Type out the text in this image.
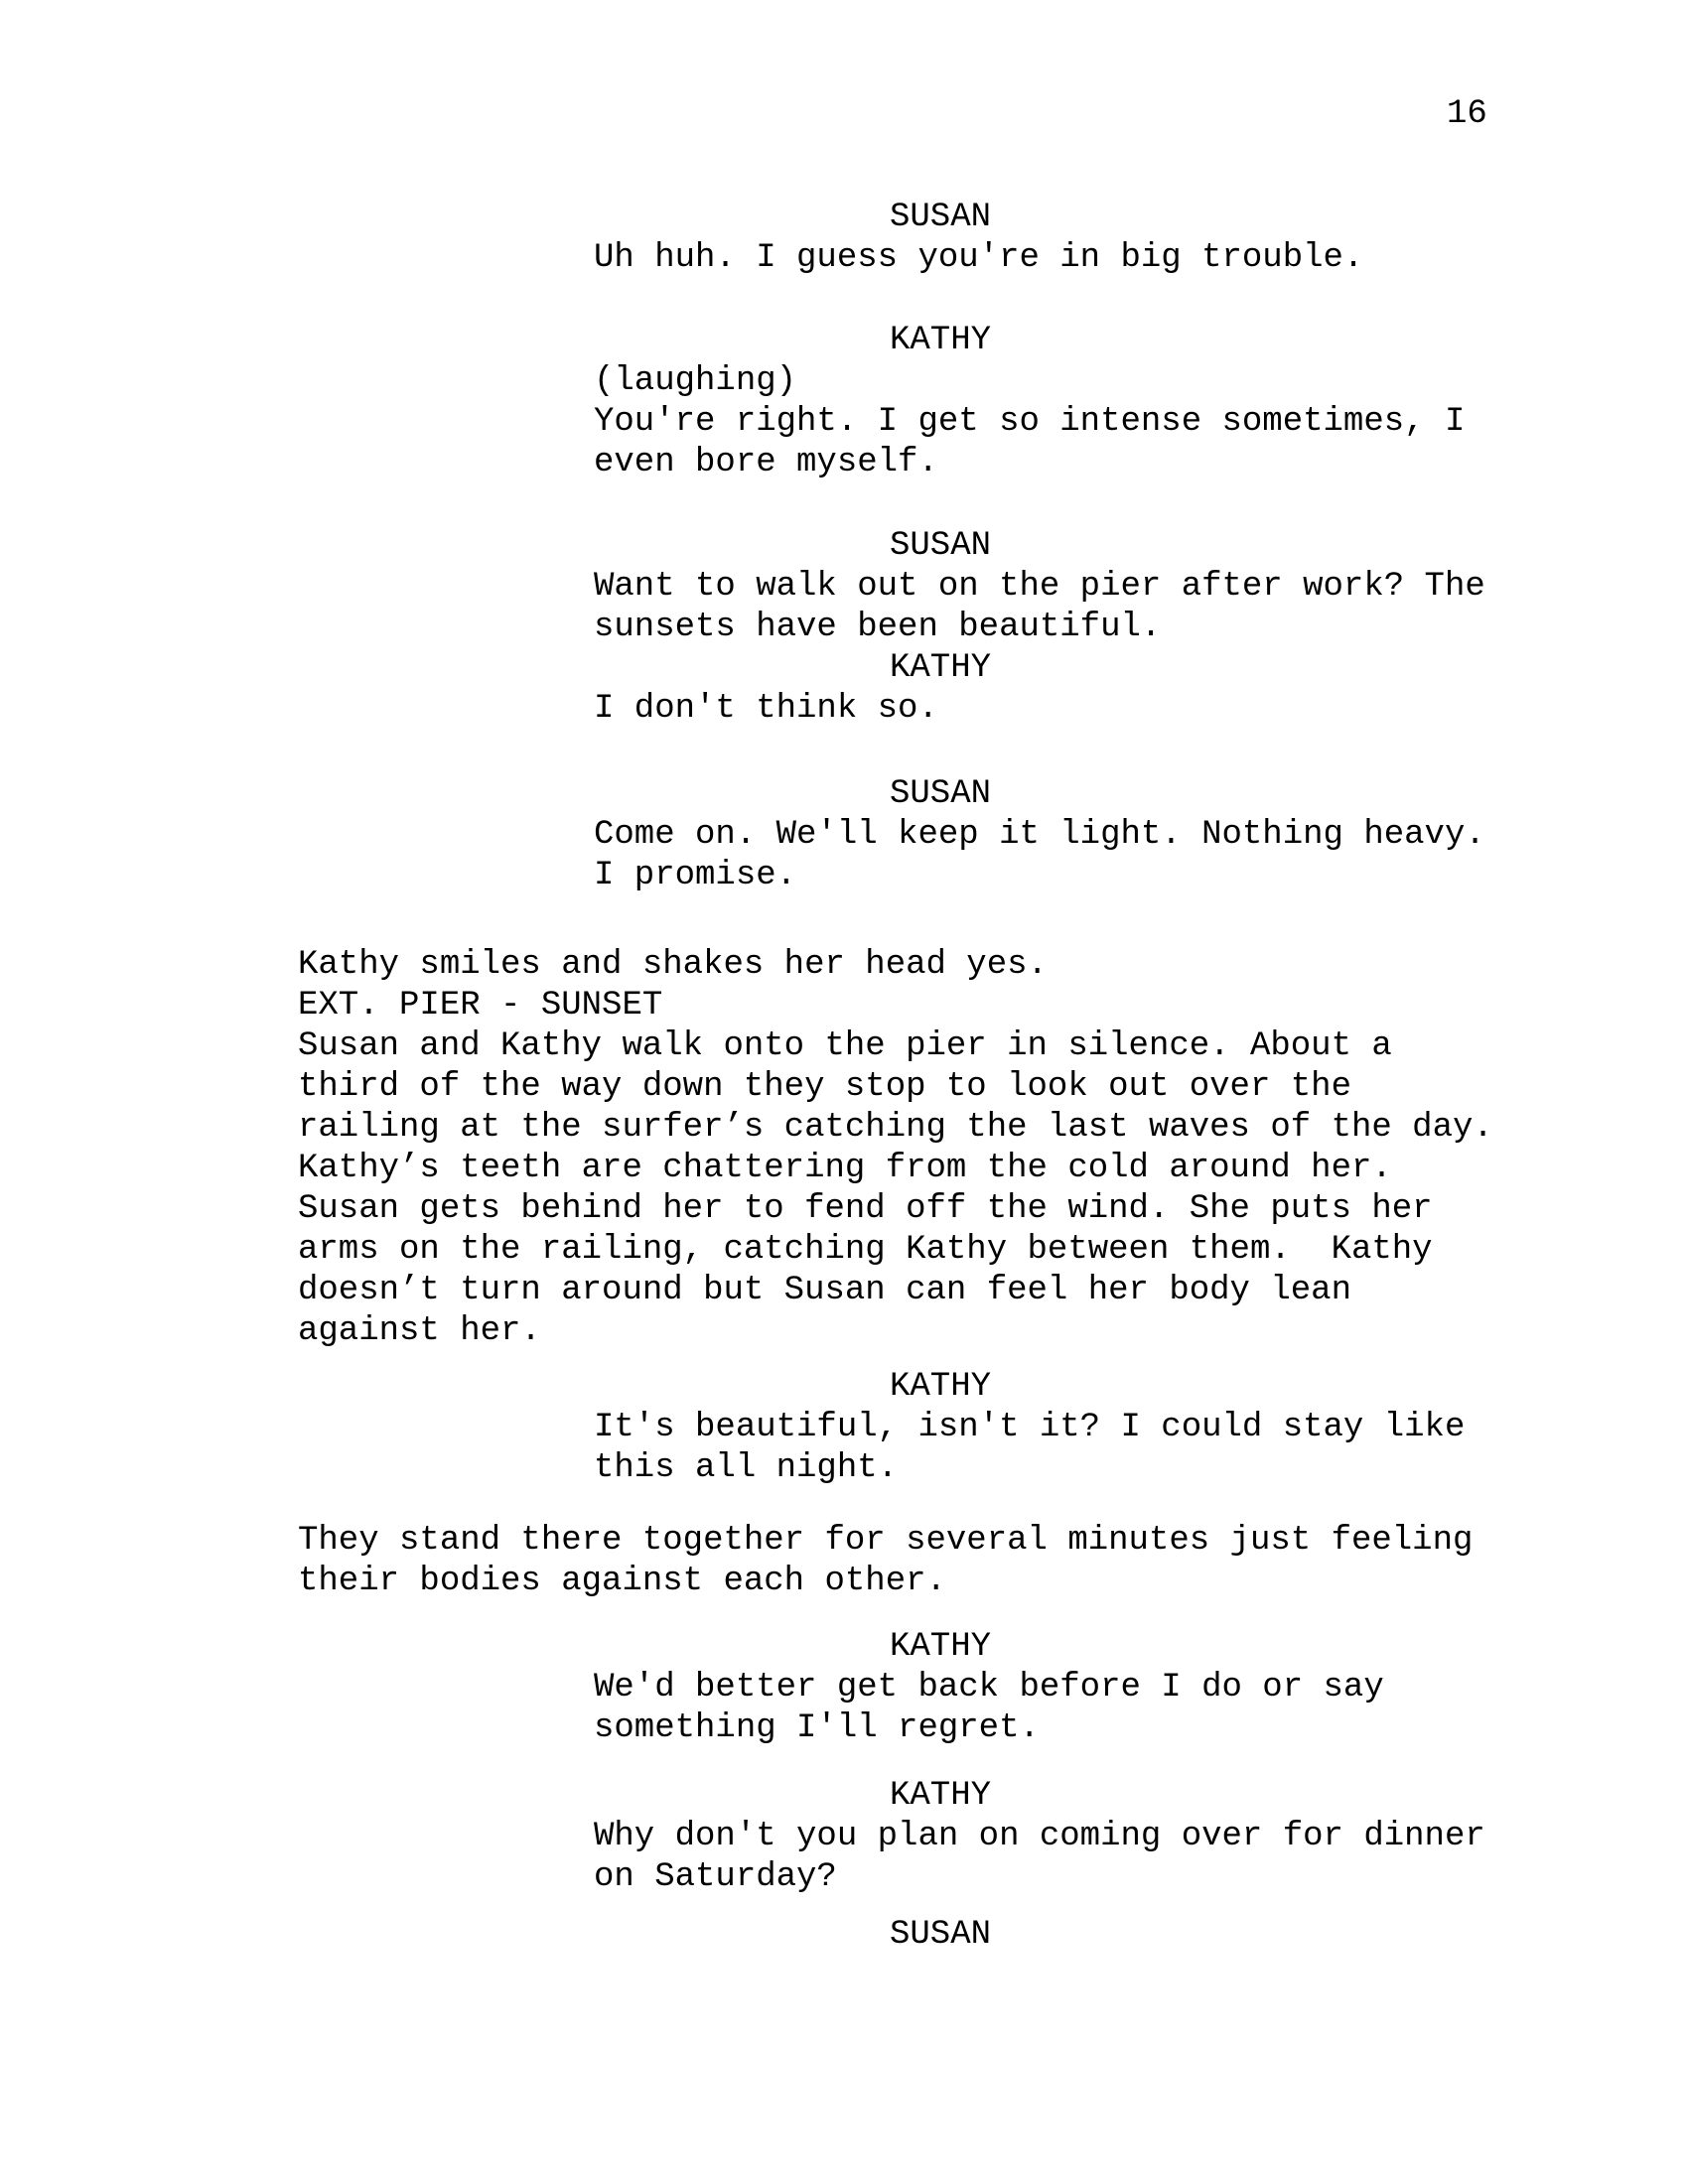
16
SUSAN
Uh huh. I guess you're in big trouble.
KATHY
(laughing)
You're right. I get so intense sometimes, I
even bore myself.
SUSAN
Want to walk out on the pier after work? The
sunsets have been beautiful.
KATHY
I don't think so.
SUSAN
Come on. We'll keep it light. Nothing heavy.
I promise.
Kathy smiles and shakes her head yes.
EXT. PIER - SUNSET
Susan and Kathy walk onto the pier in silence. About a
third of the way down they stop to look out over the
railing at the surfer’s catching the last waves of the day.
Kathy’s teeth are chattering from the cold around her.
Susan gets behind her to fend off the wind. She puts her
arms on the railing, catching Kathy between them.  Kathy
doesn’t turn around but Susan can feel her body lean
against her.
KATHY
It's beautiful, isn't it? I could stay like
this all night.
They stand there together for several minutes just feeling
their bodies against each other.
KATHY
We'd better get back before I do or say
something I'll regret.
KATHY
Why don't you plan on coming over for dinner
on Saturday?
SUSAN
